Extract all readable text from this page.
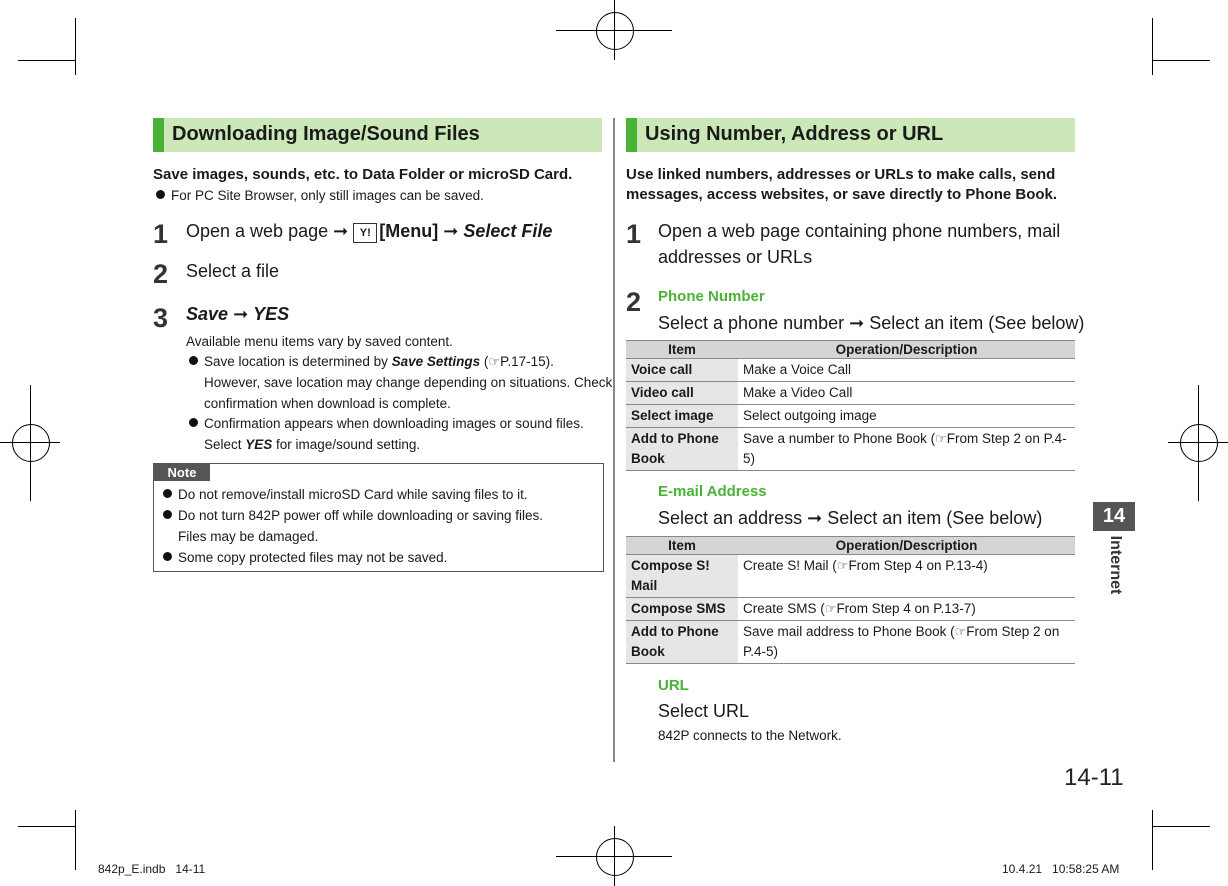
Downloading Image/Sound Files
Save images, sounds, etc. to Data Folder or microSD Card.
For PC Site Browser, only still images can be saved.
1 Open a web page ➞ Y! [Menu] ➞ Select File
2 Select a file
3 Save ➞ YES
Available menu items vary by saved content.
Save location is determined by Save Settings (☞P.17-15).
However, save location may change depending on situations. Check
confirmation when download is complete.
Confirmation appears when downloading images or sound files.
Select YES for image/sound setting.
Note
Do not remove/install microSD Card while saving files to it.
Do not turn 842P power off while downloading or saving files.
Files may be damaged.
Some copy protected files may not be saved.
Using Number, Address or URL
Use linked numbers, addresses or URLs to make calls, send
messages, access websites, or save directly to Phone Book.
1 Open a web page containing phone numbers, mail
addresses or URLs
2 Phone Number
Select a phone number ➞ Select an item (See below)
Item	Operation/Description
Voice call	Make a Voice Call
Video call	Make a Video Call
Select image	Select outgoing image
Add to Phone Book	Save a number to Phone Book (☞From Step 2 on P.4-5)
E-mail Address
Select an address ➞ Select an item (See below)
Item	Operation/Description
Compose S! Mail	Create S! Mail (☞From Step 4 on P.13-4)
Compose SMS	Create SMS (☞From Step 4 on P.13-7)
Add to Phone Book	Save mail address to Phone Book (☞From Step 2 on P.4-5)
URL
Select URL
842P connects to the Network.
14
Internet
14-11
842p_E.indb   14-11	10.4.21   10:58:25 AM
